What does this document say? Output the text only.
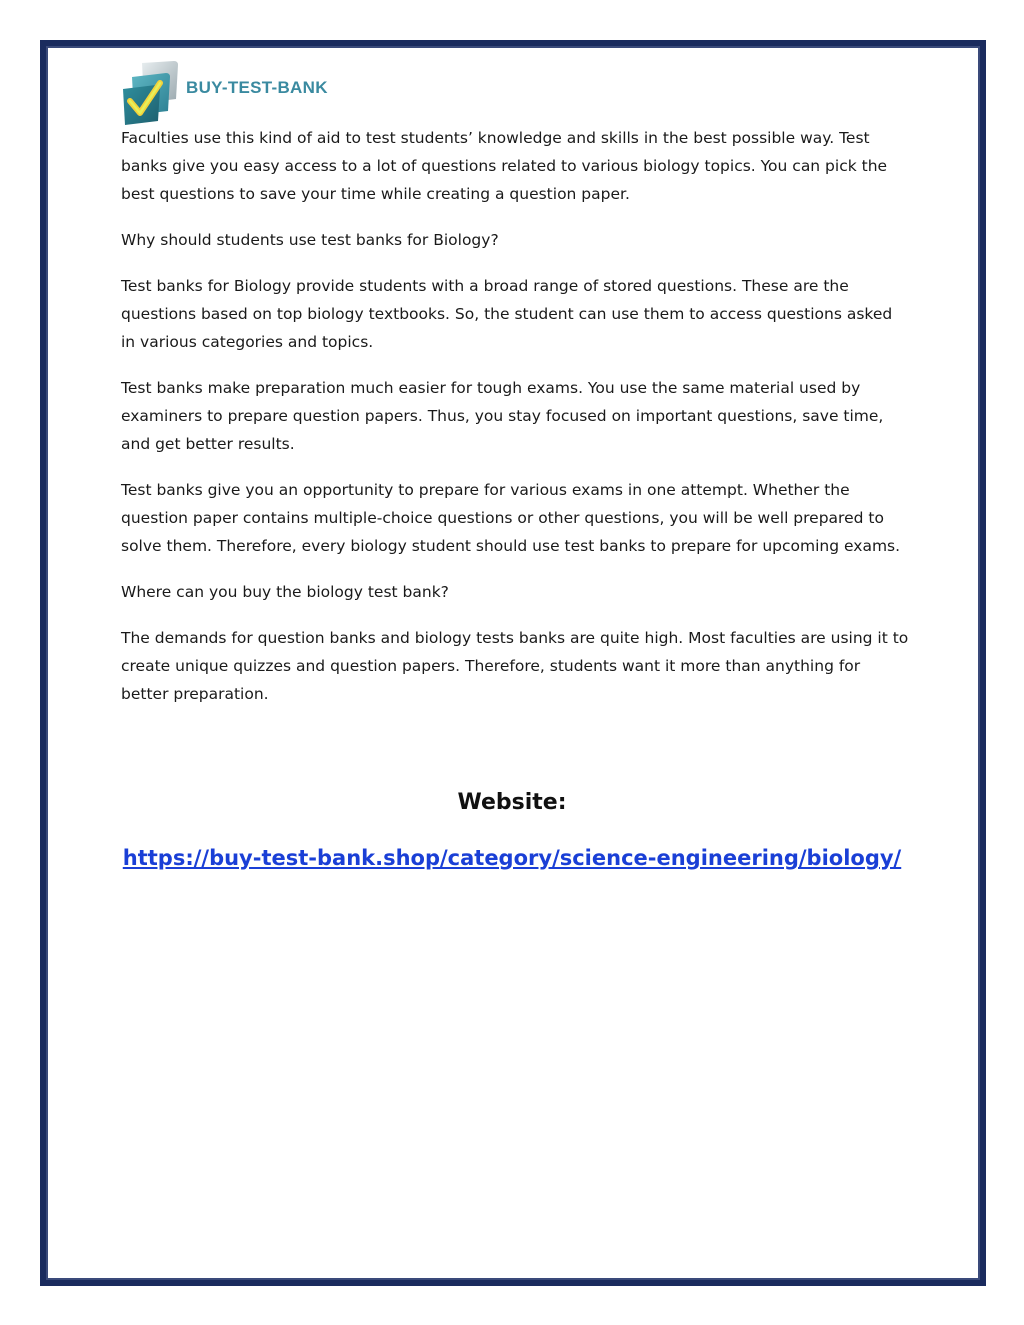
BUY-TEST-BANK

Faculties use this kind of aid to test students’ knowledge and skills in the best possible way. Test banks give you easy access to a lot of questions related to various biology topics. You can pick the best questions to save your time while creating a question paper.

Why should students use test banks for Biology?

Test banks for Biology provide students with a broad range of stored questions. These are the questions based on top biology textbooks. So, the student can use them to access questions asked in various categories and topics.

Test banks make preparation much easier for tough exams. You use the same material used by examiners to prepare question papers. Thus, you stay focused on important questions, save time, and get better results.

Test banks give you an opportunity to prepare for various exams in one attempt. Whether the question paper contains multiple-choice questions or other questions, you will be well prepared to solve them. Therefore, every biology student should use test banks to prepare for upcoming exams.

Where can you buy the biology test bank?

The demands for question banks and biology tests banks are quite high. Most faculties are using it to create unique quizzes and question papers. Therefore, students want it more than anything for better preparation.

Website:
https://buy-test-bank.shop/category/science-engineering/biology/
